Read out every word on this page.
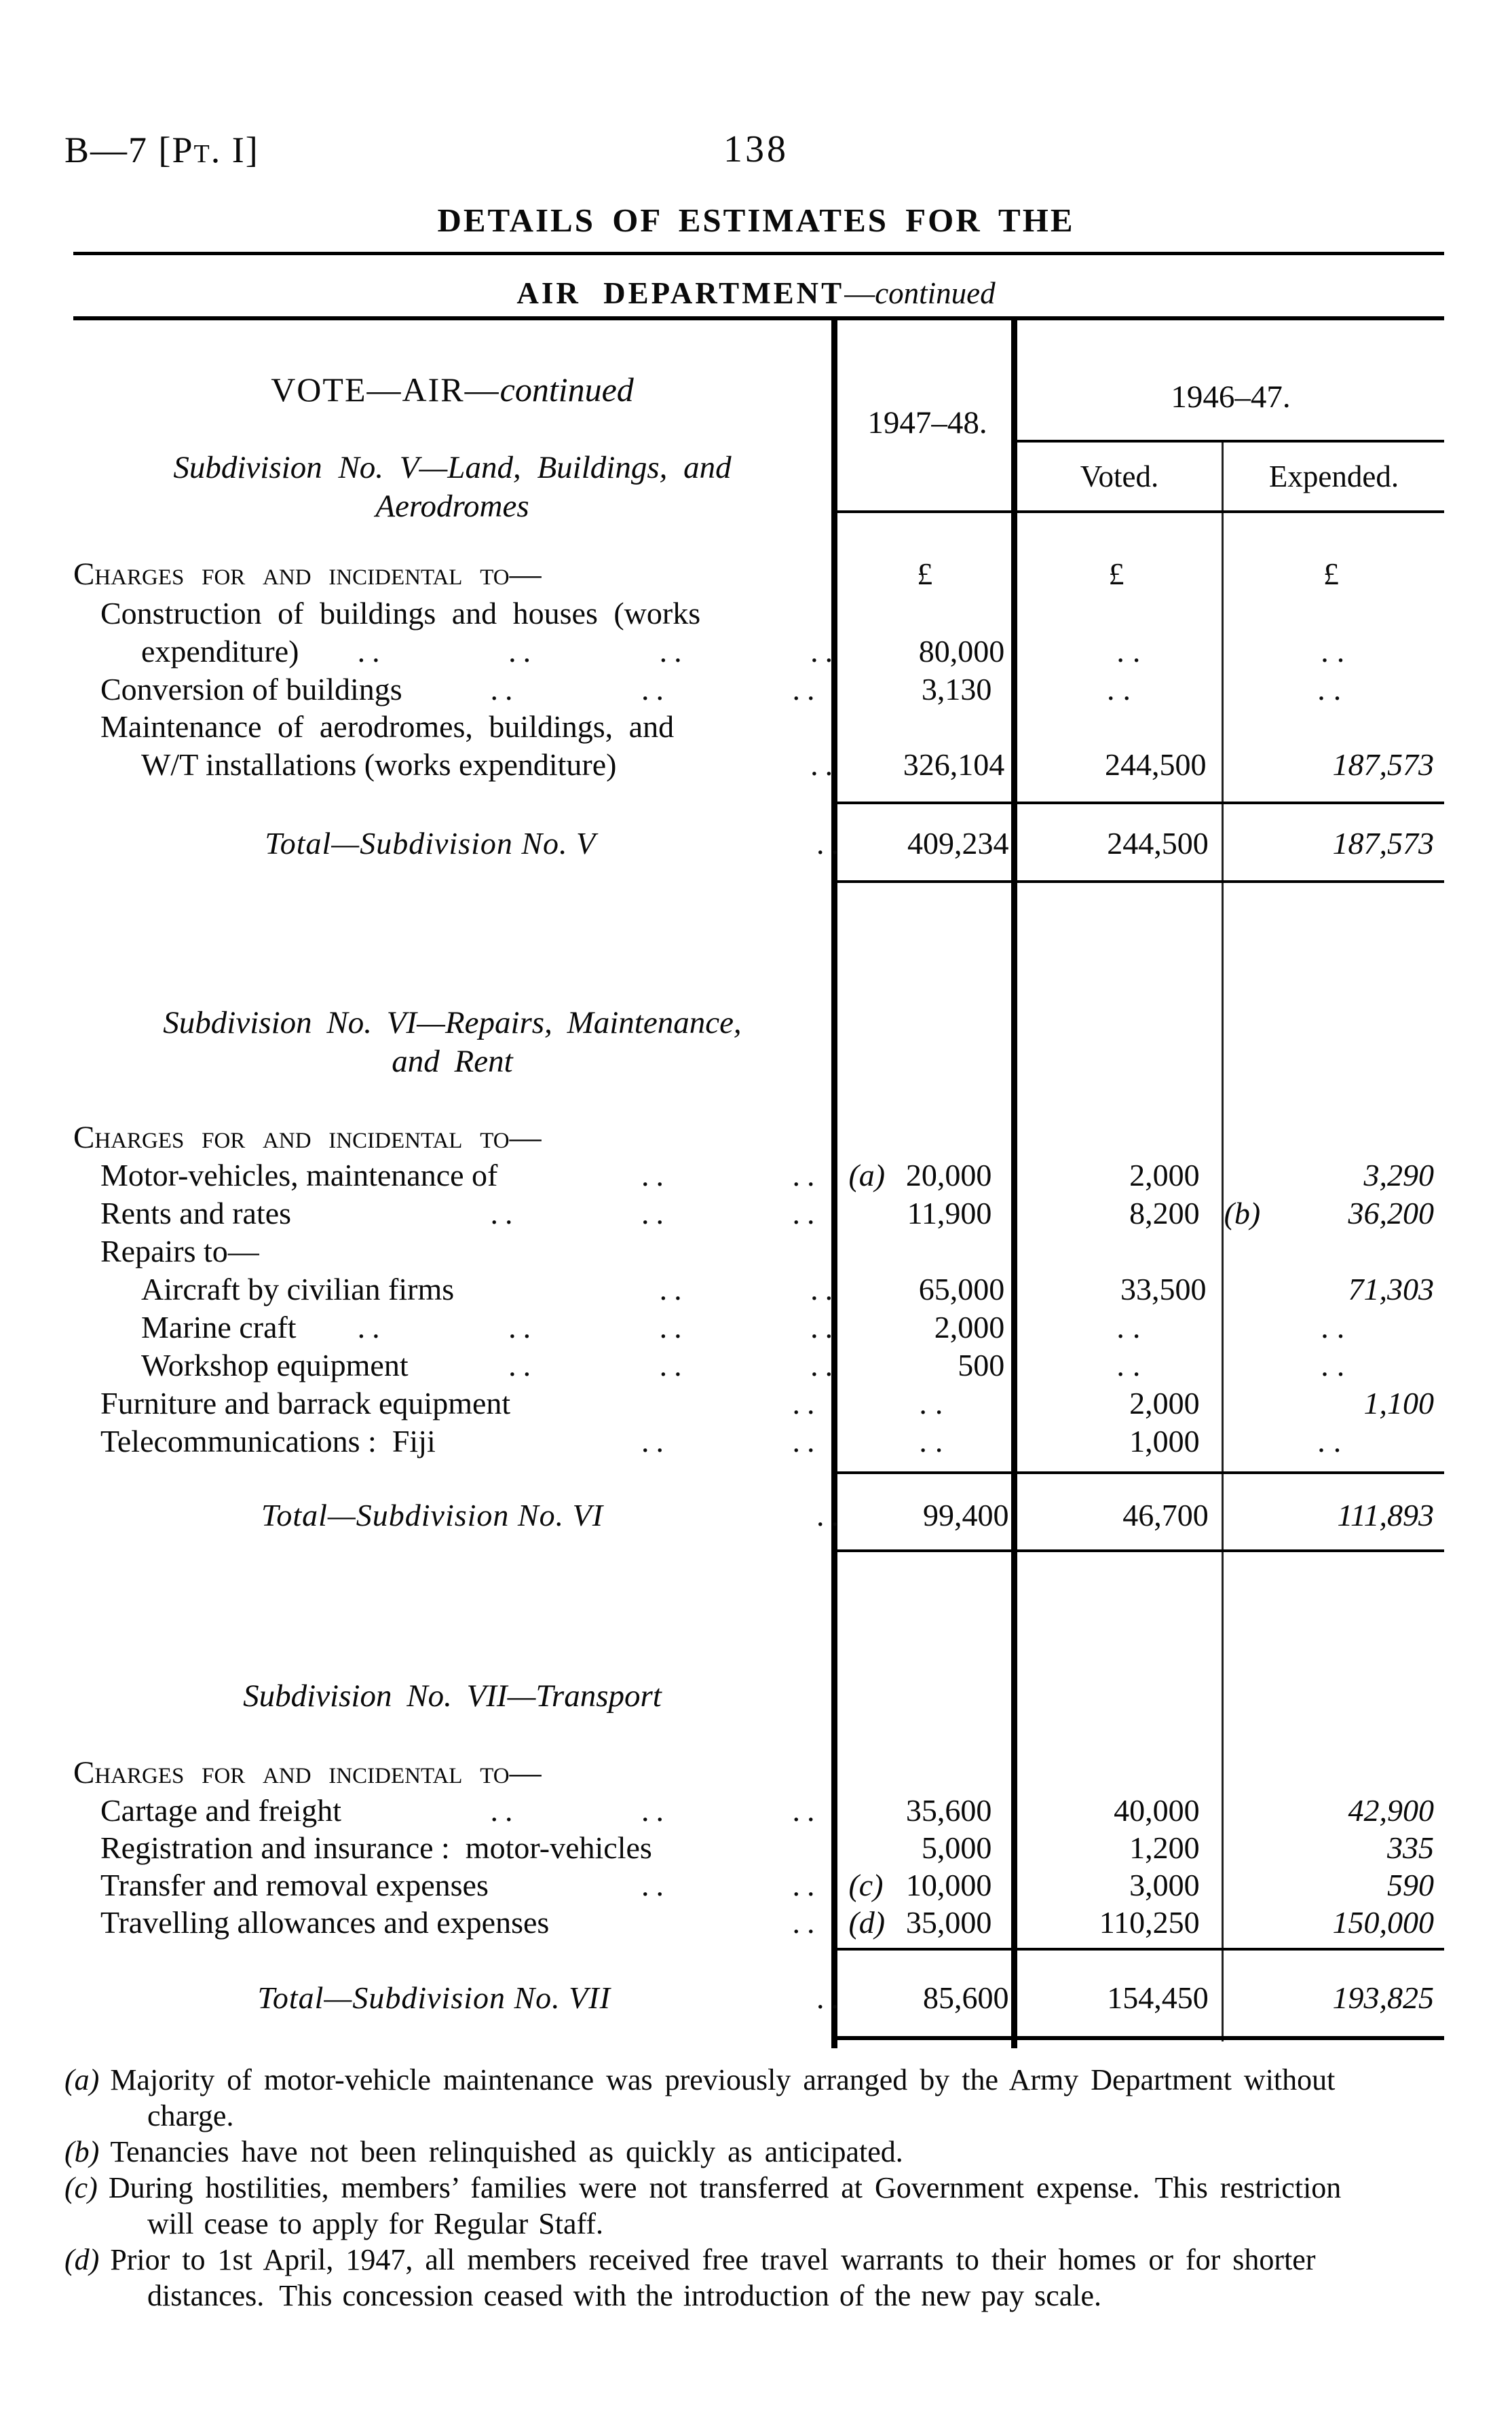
B—7 [Pt. I]	138
DETAILS OF ESTIMATES FOR THE
AIR DEPARTMENT—continued
VOTE—AIR—continued
Subdivision No. V—Land, Buildings, and
Aerodromes
1947–48.
1946–47.
Voted.	Expended.
Charges for and incidental to—	£	£	£
Construction of buildings and houses (works
expenditure) .. .. .. ..	80,000	..	..
Conversion of buildings	.. .. ..	3,130	..	..
Maintenance of aerodromes, buildings, and
W/T installations (works expenditure)	..	326,104	244,500	187,573
Total—Subdivision No. V	..	409,234	244,500	187,573
Subdivision No. VI—Repairs, Maintenance,
and Rent
Charges for and incidental to—
Motor-vehicles, maintenance of	.. .. (a) 20,000	2,000	3,290
Rents and rates	.. .. ..	11,900	8,200 (b)	36,200
Repairs to—
Aircraft by civilian firms	.. ..	65,000	33,500	71,303
Marine craft .. .. .. ..	2,000	..	..
Workshop equipment	.. .. ..	500	..	..
Furniture and barrack equipment	..	..	2,000	1,100
Telecommunications : Fiji	.. ..	..	1,000	..
Total—Subdivision No. VI	..	99,400	46,700	111,893
Subdivision No. VII—Transport
Charges for and incidental to—
Cartage and freight	.. .. ..	35,600	40,000	42,900
Registration and insurance : motor-vehicles	5,000	1,200	335
Transfer and removal expenses	.. .. (c) 10,000	3,000	590
Travelling allowances and expenses	.. (d) 35,000	110,250	150,000
Total—Subdivision No. VII	..	85,600	154,450	193,825
(a) Majority of motor-vehicle maintenance was previously arranged by the Army Department without
charge.
(b) Tenancies have not been relinquished as quickly as anticipated.
(c) During hostilities, members’ families were not transferred at Government expense. This restriction
will cease to apply for Regular Staff.
(d) Prior to 1st April, 1947, all members received free travel warrants to their homes or for shorter
distances. This concession ceased with the introduction of the new pay scale.
